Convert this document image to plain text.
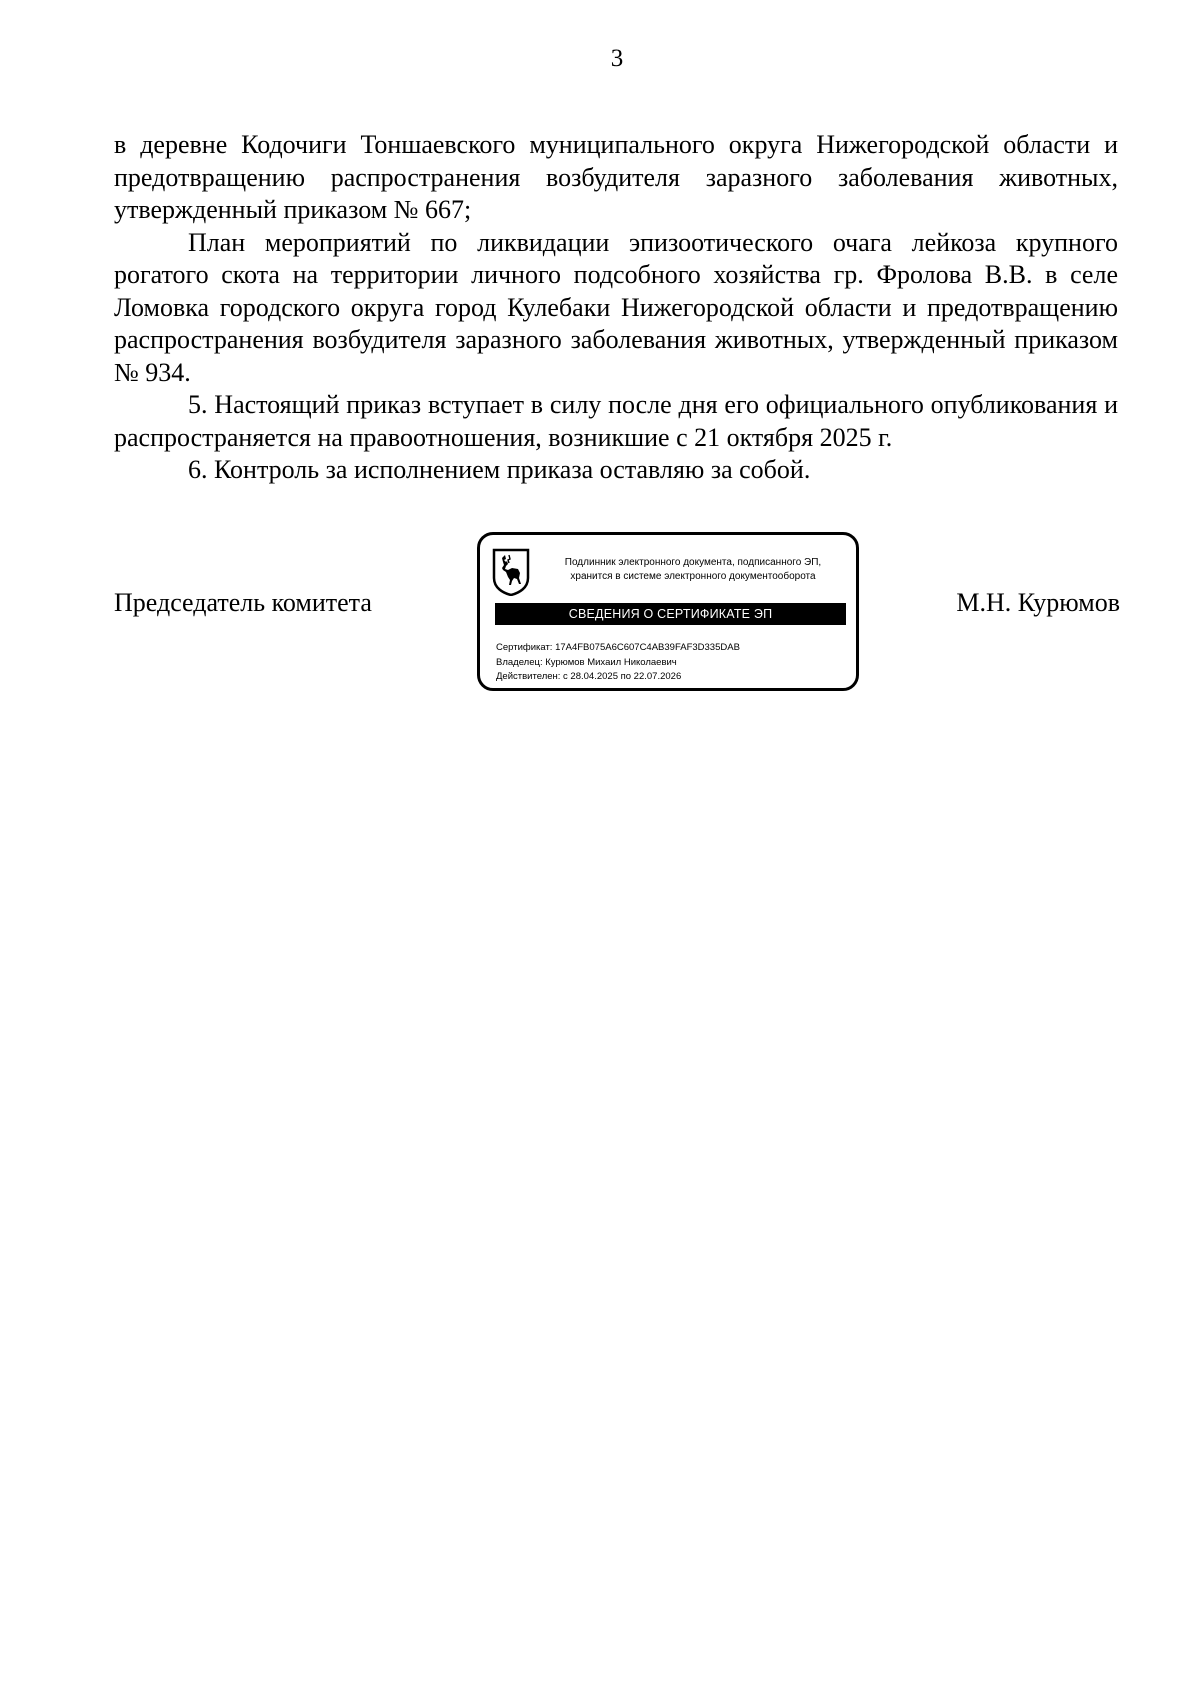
3

в деревне Кодочиги Тоншаевского муниципального округа Нижегородской области и предотвращению распространения возбудителя заразного заболевания животных, утвержденный приказом № 667;

План мероприятий по ликвидации эпизоотического очага лейкоза крупного рогатого скота на территории личного подсобного хозяйства гр. Фролова В.В. в селе Ломовка городского округа город Кулебаки Нижегородской области и предотвращению распространения возбудителя заразного заболевания животных, утвержденный приказом № 934.

5. Настоящий приказ вступает в силу после дня его официального опубликования и распространяется на правоотношения, возникшие с 21 октября 2025 г.

6. Контроль за исполнением приказа оставляю за собой.

Председатель комитета
Подлинник электронного документа, подписанного ЭП,
хранится в системе электронного документооборота
СВЕДЕНИЯ О СЕРТИФИКАТЕ ЭП
Сертификат: 17A4FB075A6C607C4AB39FAF3D335DAB
Владелец: Курюмов Михаил Николаевич
Действителен: с 28.04.2025 по 22.07.2026
М.Н. Курюмов
